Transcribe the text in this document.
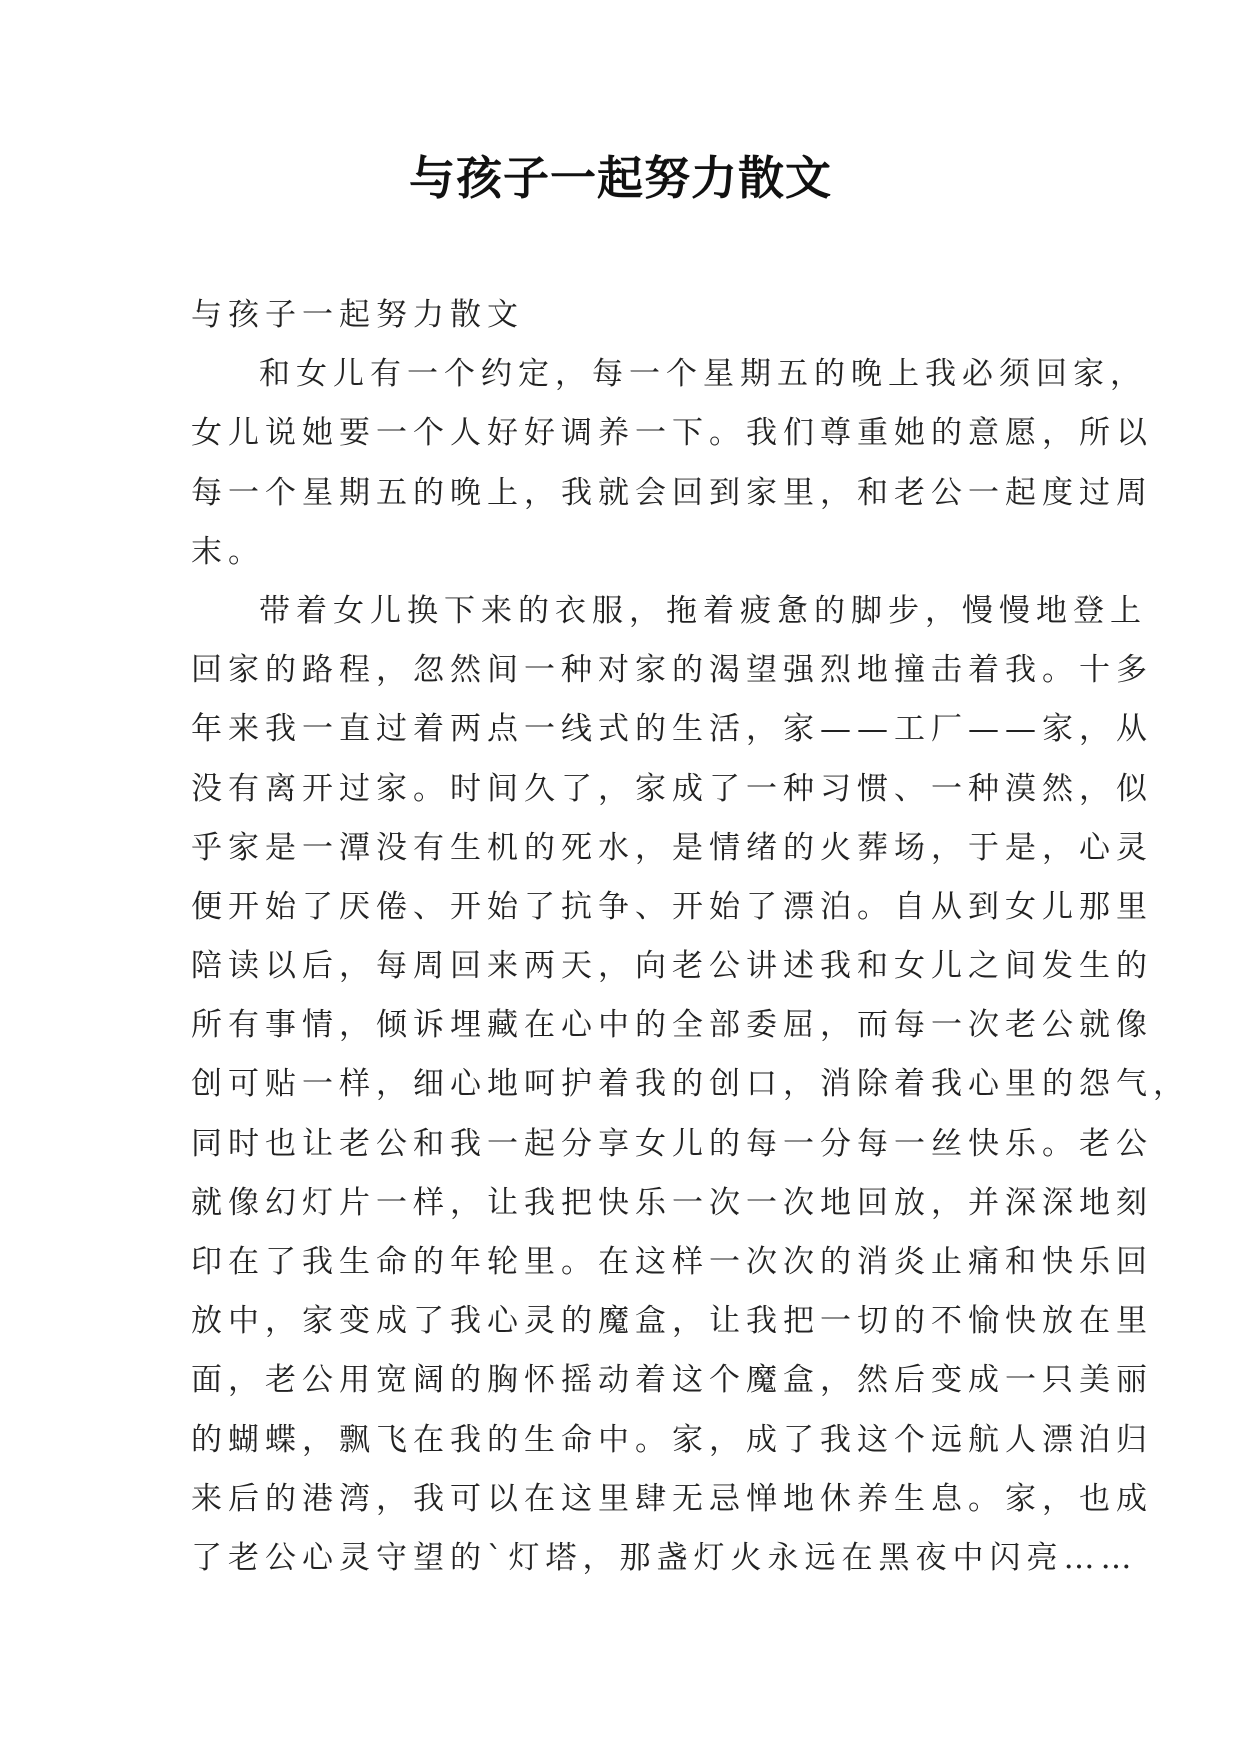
与孩子一起努力散文
与孩子一起努力散文
和女儿有一个约定，每一个星期五的晚上我必须回家，
女儿说她要一个人好好调养一下。我们尊重她的意愿，所以
每一个星期五的晚上，我就会回到家里，和老公一起度过周
末。
带着女儿换下来的衣服，拖着疲惫的脚步，慢慢地登上
回家的路程，忽然间一种对家的渴望强烈地撞击着我。十多
年来我一直过着两点一线式的生活，家——工厂——家，从
没有离开过家。时间久了，家成了一种习惯、一种漠然，似
乎家是一潭没有生机的死水，是情绪的火葬场，于是，心灵
便开始了厌倦、开始了抗争、开始了漂泊。自从到女儿那里
陪读以后，每周回来两天，向老公讲述我和女儿之间发生的
所有事情，倾诉埋藏在心中的全部委屈，而每一次老公就像
创可贴一样，细心地呵护着我的创口，消除着我心里的怨气，
同时也让老公和我一起分享女儿的每一分每一丝快乐。老公
就像幻灯片一样，让我把快乐一次一次地回放，并深深地刻
印在了我生命的年轮里。在这样一次次的消炎止痛和快乐回
放中，家变成了我心灵的魔盒，让我把一切的不愉快放在里
面，老公用宽阔的胸怀摇动着这个魔盒，然后变成一只美丽
的蝴蝶，飘飞在我的生命中。家，成了我这个远航人漂泊归
来后的港湾，我可以在这里肆无忌惮地休养生息。家，也成
了老公心灵守望的`灯塔，那盏灯火永远在黑夜中闪亮……
